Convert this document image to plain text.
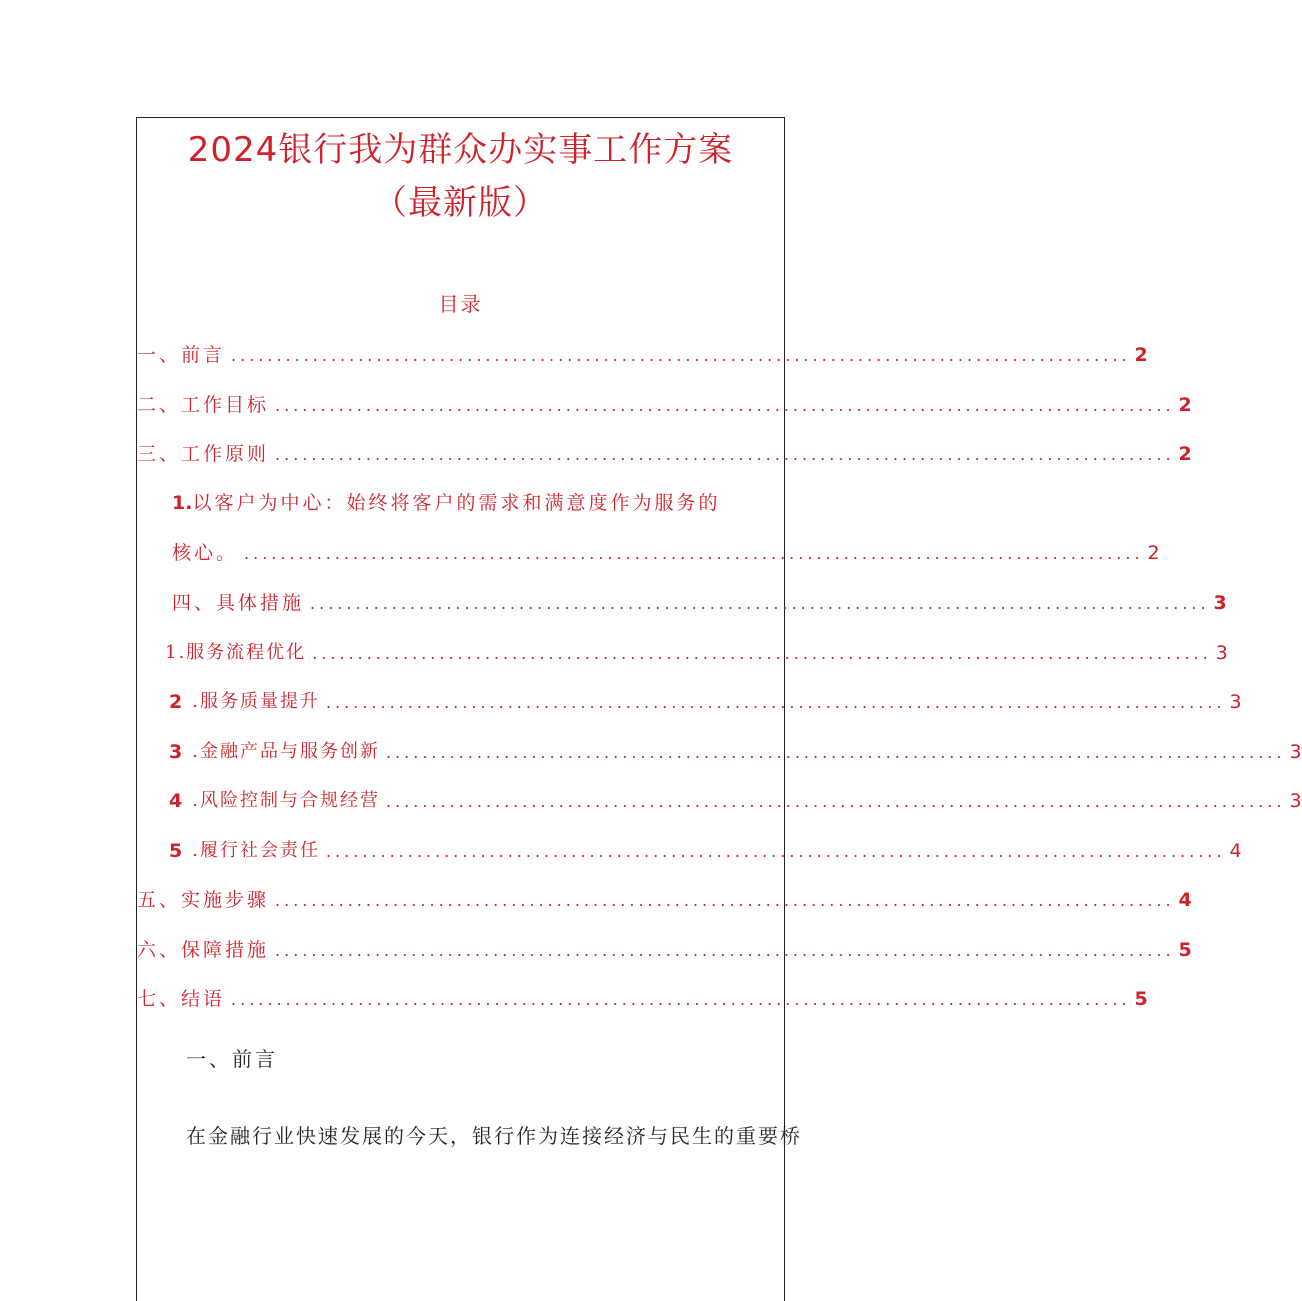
2024银行我为群众办实事工作方案
（最新版）
目录
一、前言 ................................................................................................... 2
二、工作目标 ................................................................................................... 2
三、工作原则 ................................................................................................... 2
1.以客户为中心：始终将客户的需求和满意度作为服务的
核心。 ................................................................................................... 2
四、具体措施 ................................................................................................... 3
1.服务流程优化 ................................................................................................... 3
2 .服务质量提升 ................................................................................................... 3
3 .金融产品与服务创新 ................................................................................................... 3
4 .风险控制与合规经营 ................................................................................................... 3
5 .履行社会责任 ................................................................................................... 4
五、实施步骤 ................................................................................................... 4
六、保障措施 ................................................................................................... 5
七、结语 ................................................................................................... 5
一、前言
在金融行业快速发展的今天，银行作为连接经济与民生的重要桥
